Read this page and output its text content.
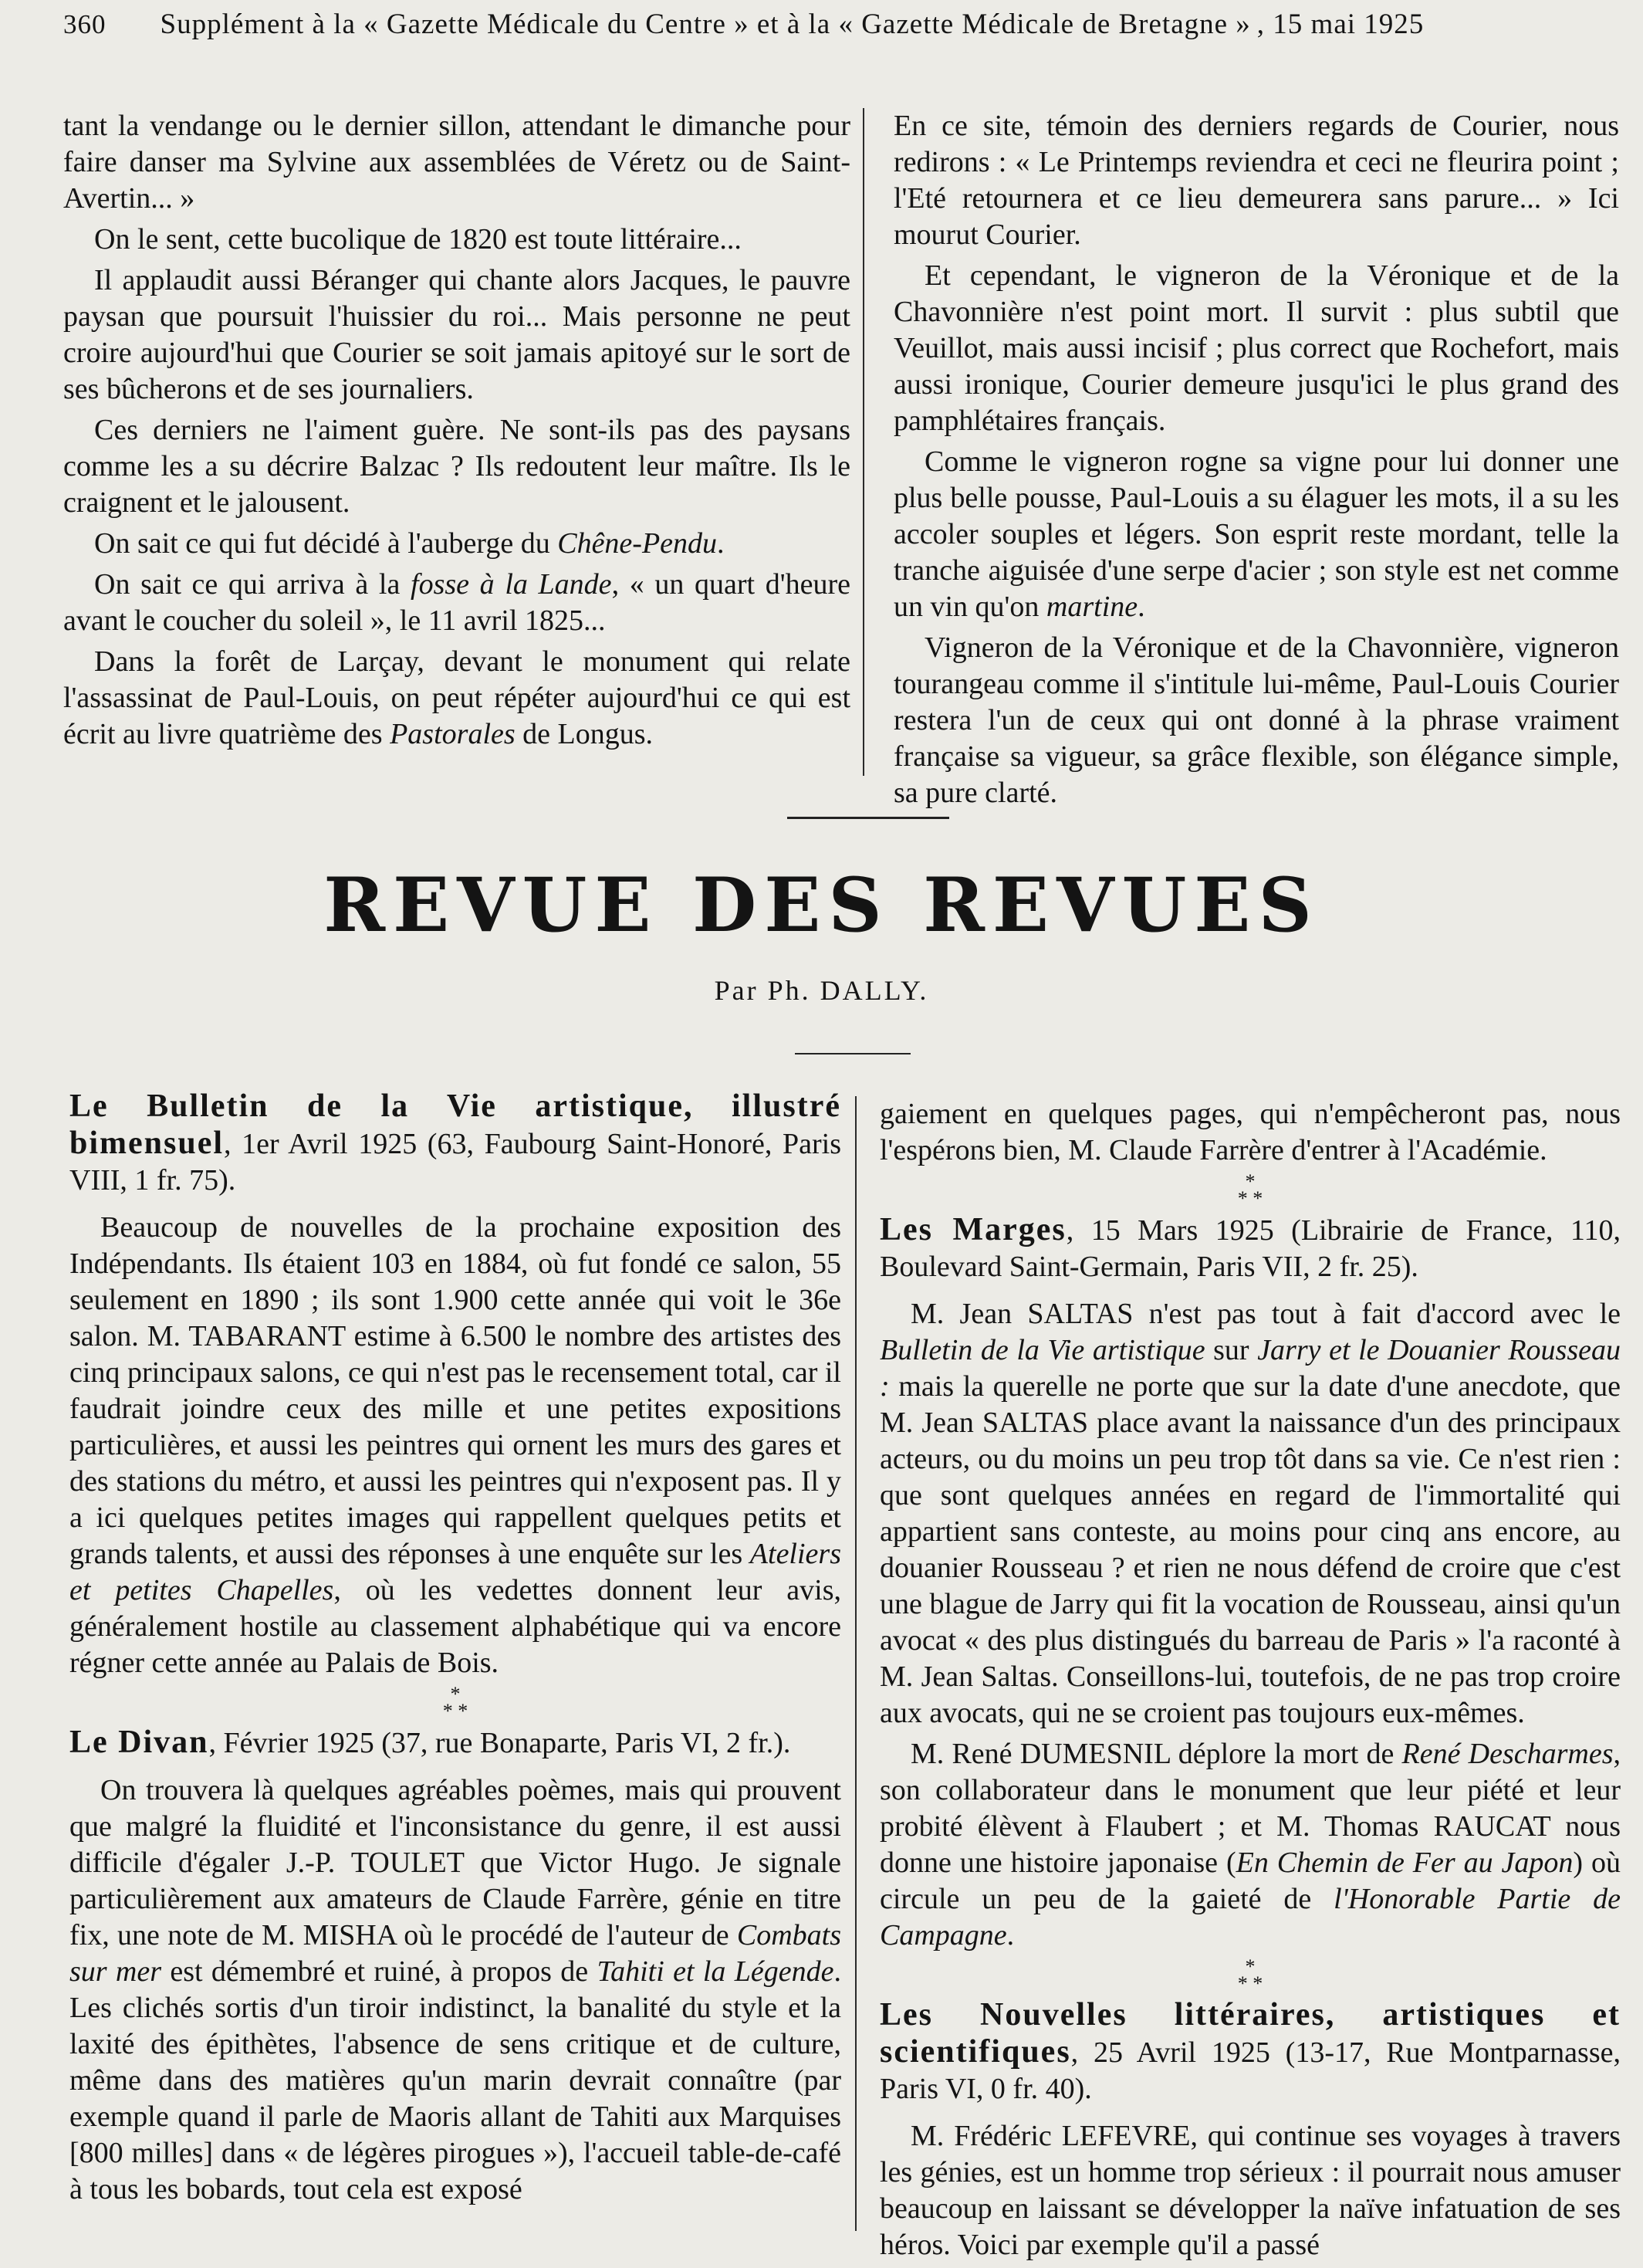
360 Supplément à la « Gazette Médicale du Centre » et à la « Gazette Médicale de Bretagne » , 15 mai 1925

tant la vendange ou le dernier sillon, attendant le dimanche pour faire danser ma Sylvine aux assemblées de Véretz ou de Saint-Avertin... »

On le sent, cette bucolique de 1820 est toute littéraire...

Il applaudit aussi Béranger qui chante alors Jacques, le pauvre paysan que poursuit l'huissier du roi... Mais personne ne peut croire aujourd'hui que Courier se soit jamais apitoyé sur le sort de ses bûcherons et de ses journaliers.

Ces derniers ne l'aiment guère. Ne sont-ils pas des paysans comme les a su décrire Balzac ? Ils redoutent leur maître. Ils le craignent et le jalousent.

On sait ce qui fut décidé à l'auberge du Chêne-Pendu.

On sait ce qui arriva à la fosse à la Lande, « un quart d'heure avant le coucher du soleil », le 11 avril 1825...

Dans la forêt de Larçay, devant le monument qui relate l'assassinat de Paul-Louis, on peut répéter aujourd'hui ce qui est écrit au livre quatrième des Pastorales de Longus.

En ce site, témoin des derniers regards de Courier, nous redirons : « Le Printemps reviendra et ceci ne fleurira point ; l'Eté retournera et ce lieu demeurera sans parure... » Ici mourut Courier.

Et cependant, le vigneron de la Véronique et de la Chavonnière n'est point mort. Il survit : plus subtil que Veuillot, mais aussi incisif ; plus correct que Rochefort, mais aussi ironique, Courier demeure jusqu'ici le plus grand des pamphlétaires français.

Comme le vigneron rogne sa vigne pour lui donner une plus belle pousse, Paul-Louis a su élaguer les mots, il a su les accoler souples et légers. Son esprit reste mordant, telle la tranche aiguisée d'une serpe d'acier ; son style est net comme un vin qu'on martine.

Vigneron de la Véronique et de la Chavonnière, vigneron tourangeau comme il s'intitule lui-même, Paul-Louis Courier restera l'un de ceux qui ont donné à la phrase vraiment française sa vigueur, sa grâce flexible, son élégance simple, sa pure clarté.

REVUE DES REVUES
Par Ph. DALLY.

Le Bulletin de la Vie artistique, illustré bimensuel, 1er Avril 1925 (63, Faubourg Saint-Honoré, Paris VIII, 1 fr. 75).

Beaucoup de nouvelles de la prochaine exposition des Indépendants. Ils étaient 103 en 1884, où fut fondé ce salon, 55 seulement en 1890 ; ils sont 1.900 cette année qui voit le 36e salon. M. TABARANT estime à 6.500 le nombre des artistes des cinq principaux salons, ce qui n'est pas le recensement total, car il faudrait joindre ceux des mille et une petites expositions particulières, et aussi les peintres qui ornent les murs des gares et des stations du métro, et aussi les peintres qui n'exposent pas. Il y a ici quelques petites images qui rappellent quelques petits et grands talents, et aussi des réponses à une enquête sur les Ateliers et petites Chapelles, où les vedettes donnent leur avis, généralement hostile au classement alphabétique qui va encore régner cette année au Palais de Bois.

*
* *

Le Divan, Février 1925 (37, rue Bonaparte, Paris VI, 2 fr.).

On trouvera là quelques agréables poèmes, mais qui prouvent que malgré la fluidité et l'inconsistance du genre, il est aussi difficile d'égaler J.-P. TOULET que Victor Hugo. Je signale particulièrement aux amateurs de Claude Farrère, génie en titre fix, une note de M. MISHA où le procédé de l'auteur de Combats sur mer est démembré et ruiné, à propos de Tahiti et la Légende. Les clichés sortis d'un tiroir indistinct, la banalité du style et la laxité des épithètes, l'absence de sens critique et de culture, même dans des matières qu'un marin devrait connaître (par exemple quand il parle de Maoris allant de Tahiti aux Marquises [800 milles] dans « de légères pirogues »), l'accueil table-de-café à tous les bobards, tout cela est exposé

gaiement en quelques pages, qui n'empêcheront pas, nous l'espérons bien, M. Claude Farrère d'entrer à l'Académie.

*
* *

Les Marges, 15 Mars 1925 (Librairie de France, 110, Boulevard Saint-Germain, Paris VII, 2 fr. 25).

M. Jean SALTAS n'est pas tout à fait d'accord avec le Bulletin de la Vie artistique sur Jarry et le Douanier Rousseau : mais la querelle ne porte que sur la date d'une anecdote, que M. Jean SALTAS place avant la naissance d'un des principaux acteurs, ou du moins un peu trop tôt dans sa vie. Ce n'est rien : que sont quelques années en regard de l'immortalité qui appartient sans conteste, au moins pour cinq ans encore, au douanier Rousseau ? et rien ne nous défend de croire que c'est une blague de Jarry qui fit la vocation de Rousseau, ainsi qu'un avocat « des plus distingués du barreau de Paris » l'a raconté à M. Jean Saltas. Conseillons-lui, toutefois, de ne pas trop croire aux avocats, qui ne se croient pas toujours eux-mêmes.

M. René DUMESNIL déplore la mort de René Descharmes, son collaborateur dans le monument que leur piété et leur probité élèvent à Flaubert ; et M. Thomas RAUCAT nous donne une histoire japonaise (En Chemin de Fer au Japon) où circule un peu de la gaieté de l'Honorable Partie de Campagne.

*
* *

Les Nouvelles littéraires, artistiques et scientifiques, 25 Avril 1925 (13-17, Rue Montparnasse, Paris VI, 0 fr. 40).

M. Frédéric LEFEVRE, qui continue ses voyages à travers les génies, est un homme trop sérieux : il pourrait nous amuser beaucoup en laissant se développer la naïve infatuation de ses héros. Voici par exemple qu'il a passé
